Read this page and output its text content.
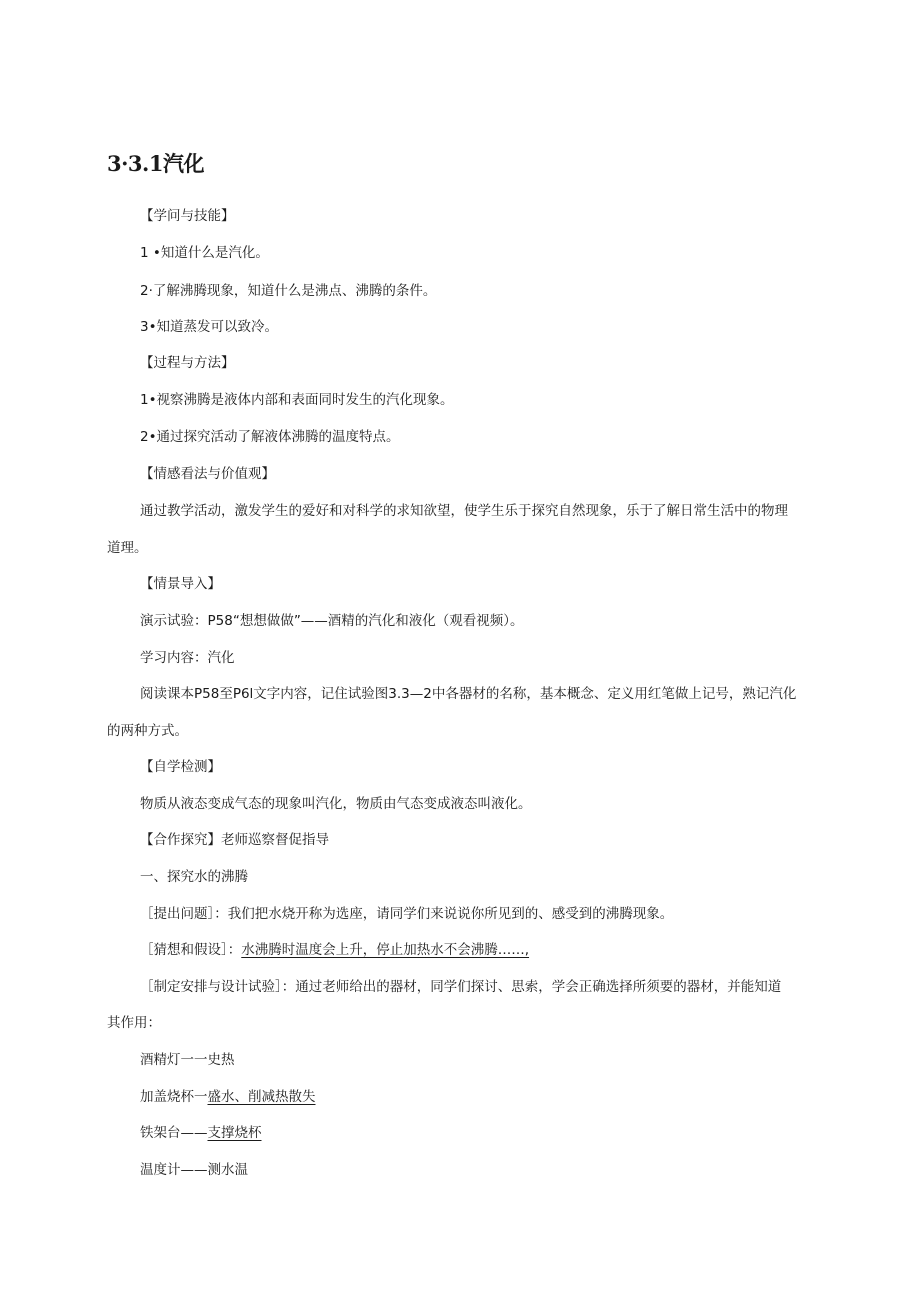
3·3.1汽化
【学问与技能】
1 •知道什么是汽化。
2·了解沸腾现象，知道什么是沸点、沸腾的条件。
3•知道蒸发可以致冷。
【过程与方法】
1•视察沸腾是液体内部和表面同时发生的汽化现象。
2•通过探究活动了解液体沸腾的温度特点。
【情感看法与价值观】
通过教学活动，激发学生的爱好和对科学的求知欲望，使学生乐于探究自然现象，乐于了解日常生活中的物理
道理。
【情景导入】
演示试验：P58“想想做做”——酒精的汽化和液化（观看视频）。
学习内容：汽化
阅读课本P58至P6l文字内容，记住试验图3.3—2中各器材的名称，基本概念、定义用红笔做上记号，熟记汽化
的两种方式。
【自学检测】
物质从液态变成气态的现象叫汽化，物质由气态变成液态叫液化。
【合作探究】老师巡察督促指导
一、探究水的沸腾
［提出问题］：我们把水烧开称为选座，请同学们来说说你所见到的、感受到的沸腾现象。
［猜想和假设］：水沸腾时温度会上升，停止加热水不会沸腾……,
［制定安排与设计试验］：通过老师给出的器材，同学们探讨、思索，学会正确选择所须要的器材，并能知道
其作用：
酒精灯一一史热
加盖烧杯一盛水、削减热散失
铁架台——支撑烧杯
温度计——测水温
